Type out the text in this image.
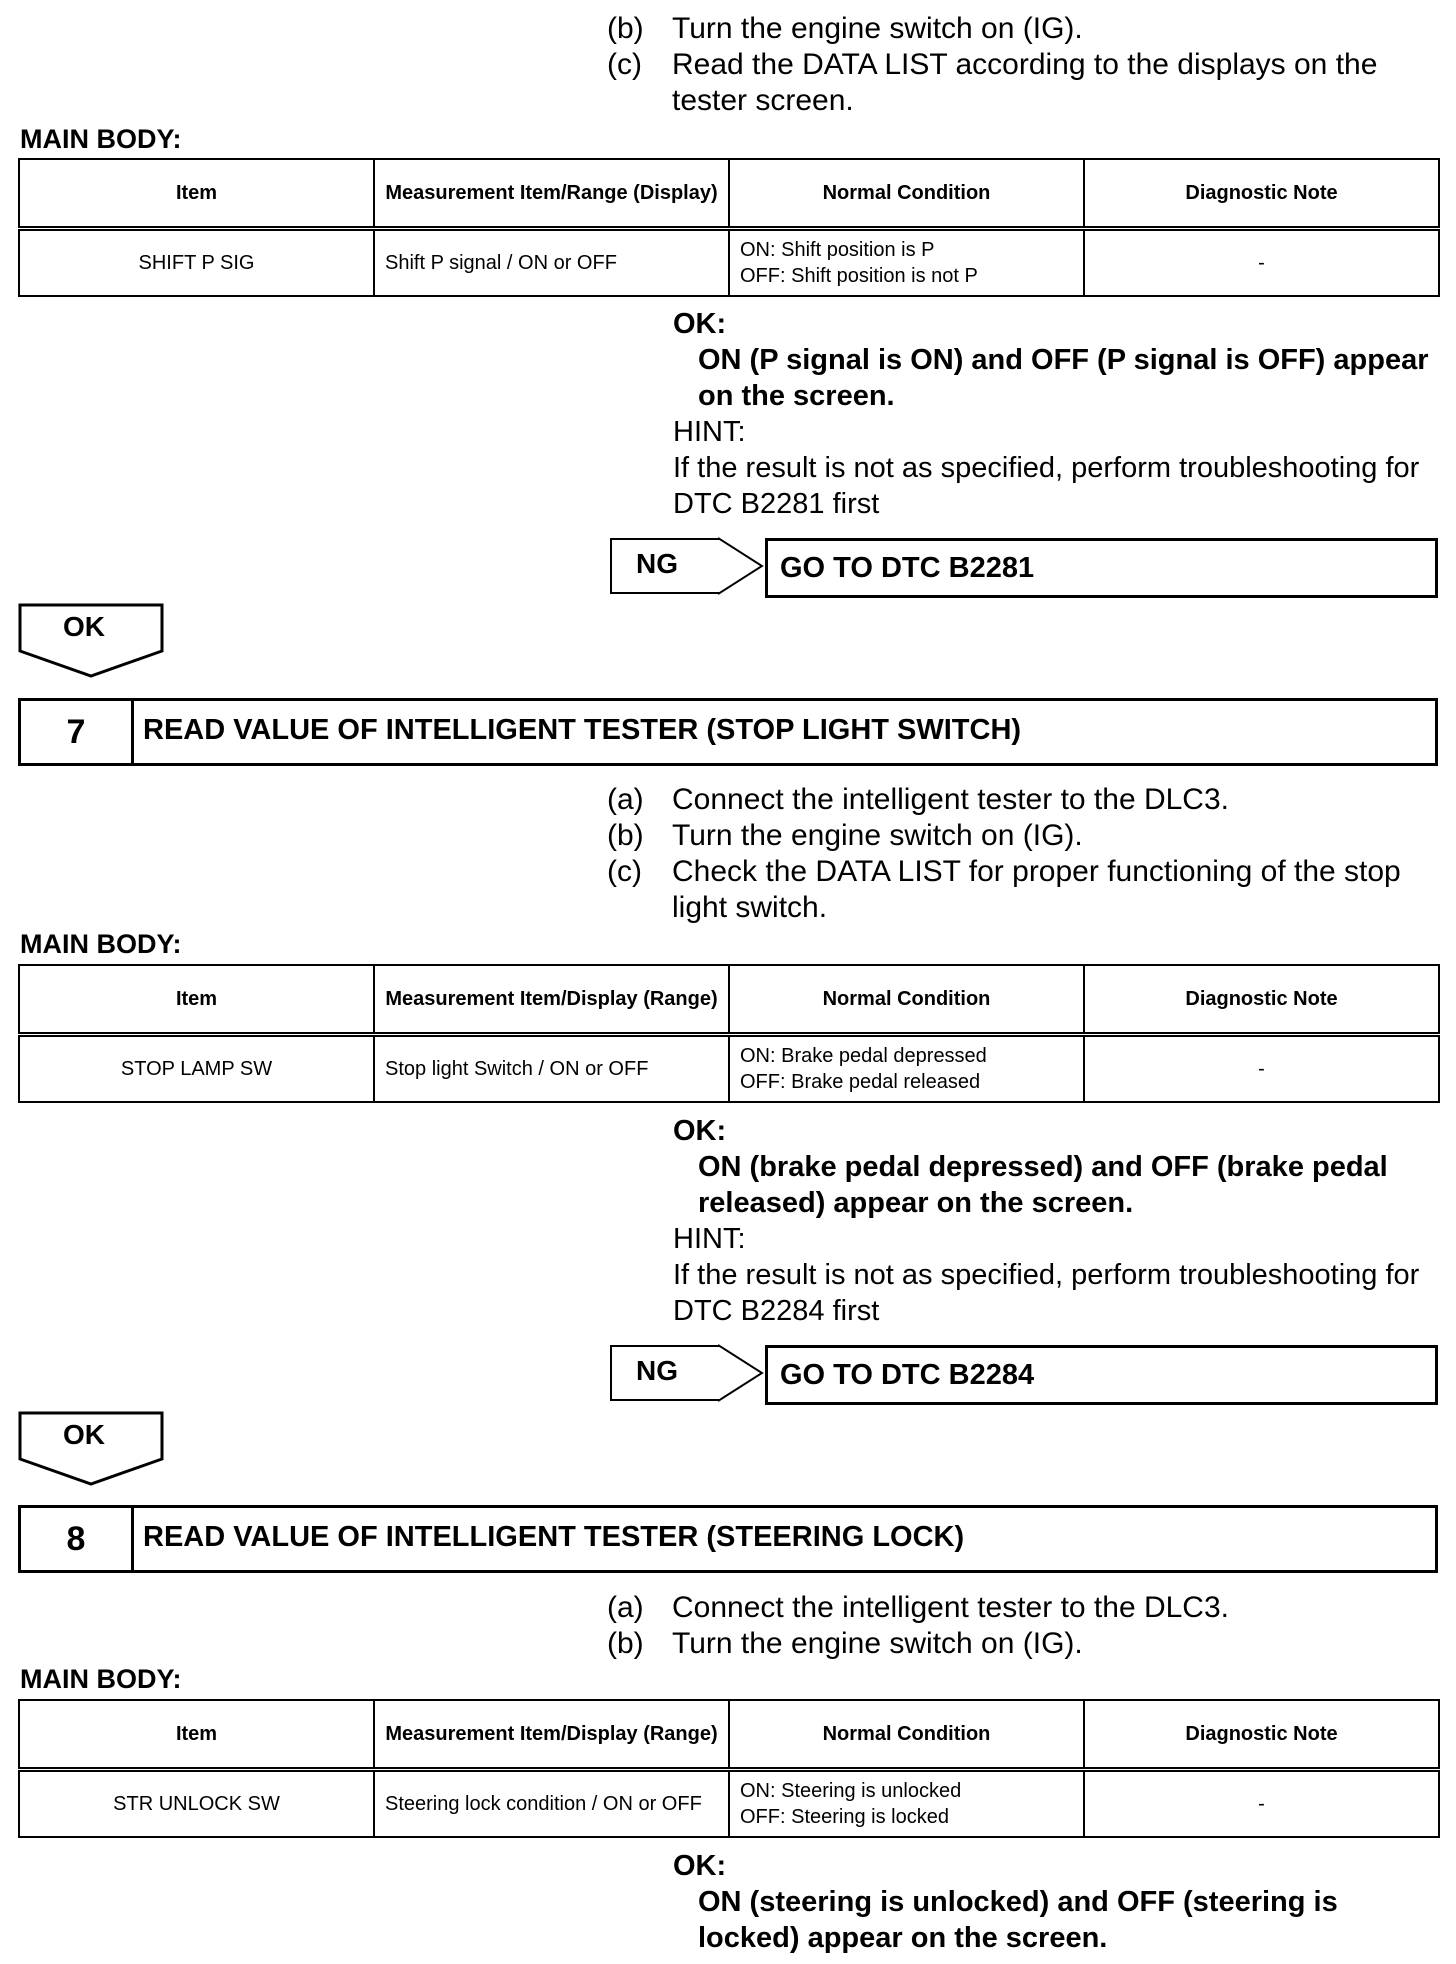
(b) Turn the engine switch on (IG).
(c) Read the DATA LIST according to the displays on the tester screen.
MAIN BODY:
Item	Measurement Item/Range (Display)	Normal Condition	Diagnostic Note
SHIFT P SIG	Shift P signal / ON or OFF	ON: Shift position is P
OFF: Shift position is not P	-
OK:
ON (P signal is ON) and OFF (P signal is OFF) appear on the screen.
HINT:
If the result is not as specified, perform troubleshooting for DTC B2281 first
NG	GO TO DTC B2281
OK
7	READ VALUE OF INTELLIGENT TESTER (STOP LIGHT SWITCH)
(a) Connect the intelligent tester to the DLC3.
(b) Turn the engine switch on (IG).
(c) Check the DATA LIST for proper functioning of the stop light switch.
MAIN BODY:
Item	Measurement Item/Display (Range)	Normal Condition	Diagnostic Note
STOP LAMP SW	Stop light Switch / ON or OFF	ON: Brake pedal depressed
OFF: Brake pedal released	-
OK:
ON (brake pedal depressed) and OFF (brake pedal released) appear on the screen.
HINT:
If the result is not as specified, perform troubleshooting for DTC B2284 first
NG	GO TO DTC B2284
OK
8	READ VALUE OF INTELLIGENT TESTER (STEERING LOCK)
(a) Connect the intelligent tester to the DLC3.
(b) Turn the engine switch on (IG).
MAIN BODY:
Item	Measurement Item/Display (Range)	Normal Condition	Diagnostic Note
STR UNLOCK SW	Steering lock condition / ON or OFF	ON: Steering is unlocked
OFF: Steering is locked	-
OK:
ON (steering is unlocked) and OFF (steering is locked) appear on the screen.
